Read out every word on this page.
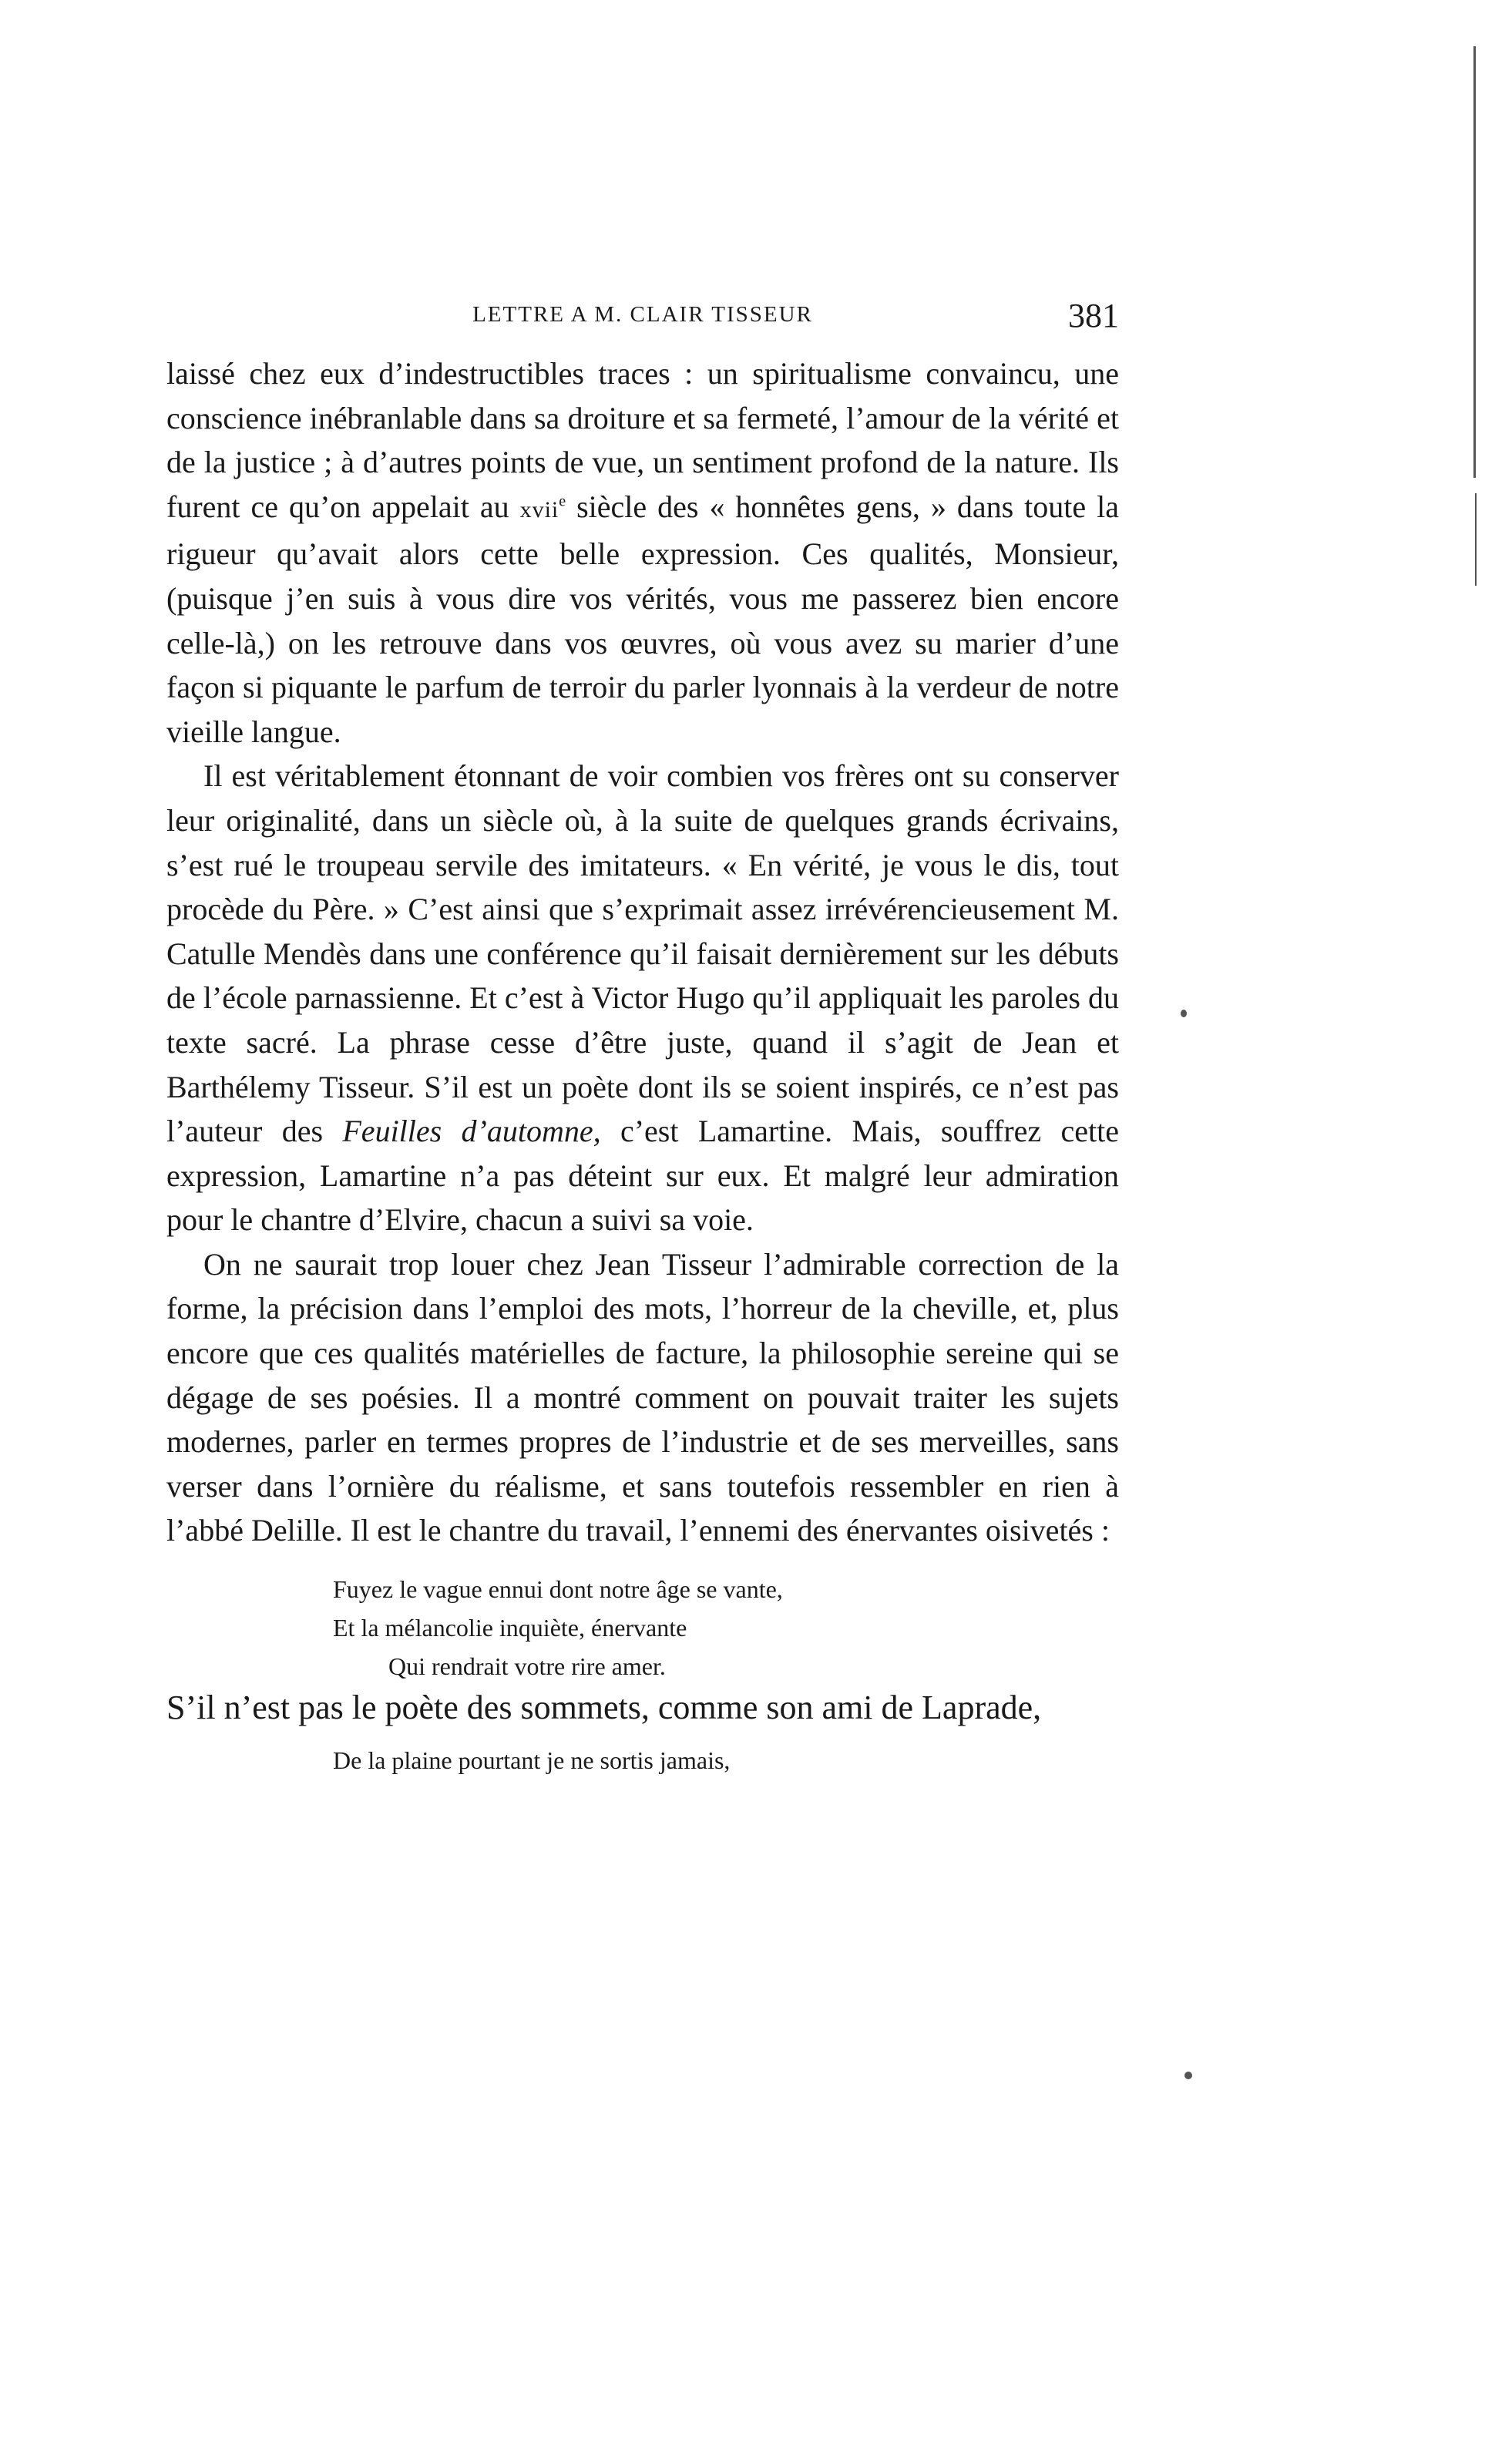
LETTRE A M. CLAIR TISSEUR	381

laissé chez eux d’indestructibles traces : un spiritualisme convaincu, une conscience inébranlable dans sa droiture et sa fermeté, l’amour de la vérité et de la justice ; à d’autres points de vue, un sentiment profond de la nature. Ils furent ce qu’on appelait au xvii$^e$ siècle des « honnêtes gens, » dans toute la rigueur qu’avait alors cette belle expression. Ces qualités, Monsieur, (puisque j’en suis à vous dire vos vérités, vous me passerez bien encore celle-là,) on les retrouve dans vos œuvres, où vous avez su marier d’une façon si piquante le parfum de terroir du parler lyonnais à la verdeur de notre vieille langue.

Il est véritablement étonnant de voir combien vos frères ont su conserver leur originalité, dans un siècle où, à la suite de quelques grands écrivains, s’est rué le troupeau servile des imitateurs. « En vérité, je vous le dis, tout procède du Père. » C’est ainsi que s’exprimait assez irrévérencieusement M. Catulle Mendès dans une conférence qu’il faisait dernièrement sur les débuts de l’école parnassienne. Et c’est à Victor Hugo qu’il appliquait les paroles du texte sacré. La phrase cesse d’être juste, quand il s’agit de Jean et Barthélemy Tisseur. S’il est un poète dont ils se soient inspirés, ce n’est pas l’auteur des Feuilles d’automne, c’est Lamartine. Mais, souffrez cette expression, Lamartine n’a pas déteint sur eux. Et malgré leur admiration pour le chantre d’Elvire, chacun a suivi sa voie.

On ne saurait trop louer chez Jean Tisseur l’admirable correction de la forme, la précision dans l’emploi des mots, l’horreur de la cheville, et, plus encore que ces qualités matérielles de facture, la philosophie sereine qui se dégage de ses poésies. Il a montré comment on pouvait traiter les sujets modernes, parler en termes propres de l’industrie et de ses merveilles, sans verser dans l’ornière du réalisme, et sans toutefois ressembler en rien à l’abbé Delille. Il est le chantre du travail, l’ennemi des énervantes oisivetés :

Fuyez le vague ennui dont notre âge se vante,
Et la mélancolie inquiète, énervante
Qui rendrait votre rire amer.

S’il n’est pas le poète des sommets, comme son ami de Laprade,

De la plaine pourtant je ne sortis jamais,
